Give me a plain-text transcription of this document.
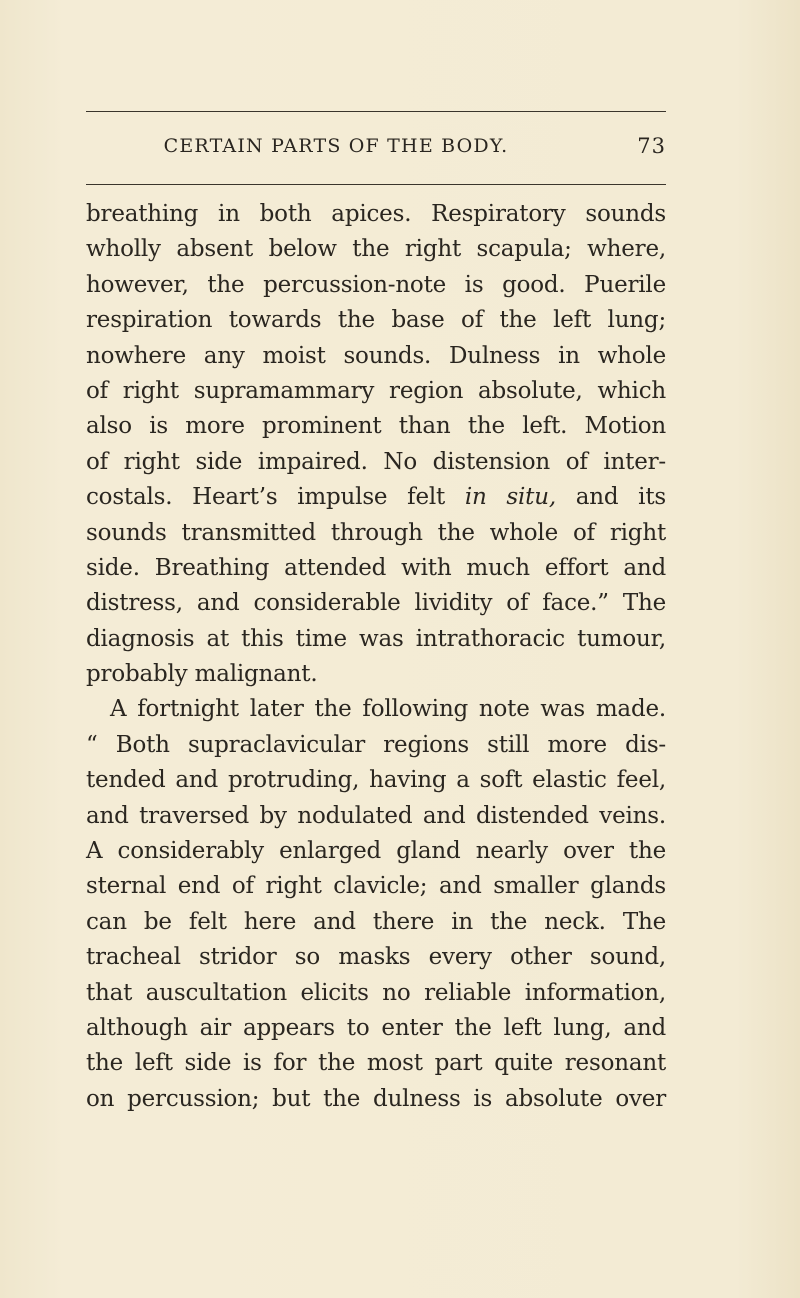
CERTAIN PARTS OF THE BODY.	73
breathing in both apices. Respiratory sounds
wholly absent below the right scapula; where,
however, the percussion-note is good. Puerile
respiration towards the base of the left lung;
nowhere any moist sounds. Dulness in whole
of right supramammary region absolute, which
also is more prominent than the left. Motion
of right side impaired. No distension of inter-
costals. Heart’s impulse felt in situ, and its
sounds transmitted through the whole of right
side. Breathing attended with much effort and
distress, and considerable lividity of face.” The
diagnosis at this time was intrathoracic tumour,
probably malignant.
A fortnight later the following note was made.
“ Both supraclavicular regions still more dis-
tended and protruding, having a soft elastic feel,
and traversed by nodulated and distended veins.
A considerably enlarged gland nearly over the
sternal end of right clavicle; and smaller glands
can be felt here and there in the neck. The
tracheal stridor so masks every other sound,
that auscultation elicits no reliable information,
although air appears to enter the left lung, and
the left side is for the most part quite resonant
on percussion; but the dulness is absolute over
